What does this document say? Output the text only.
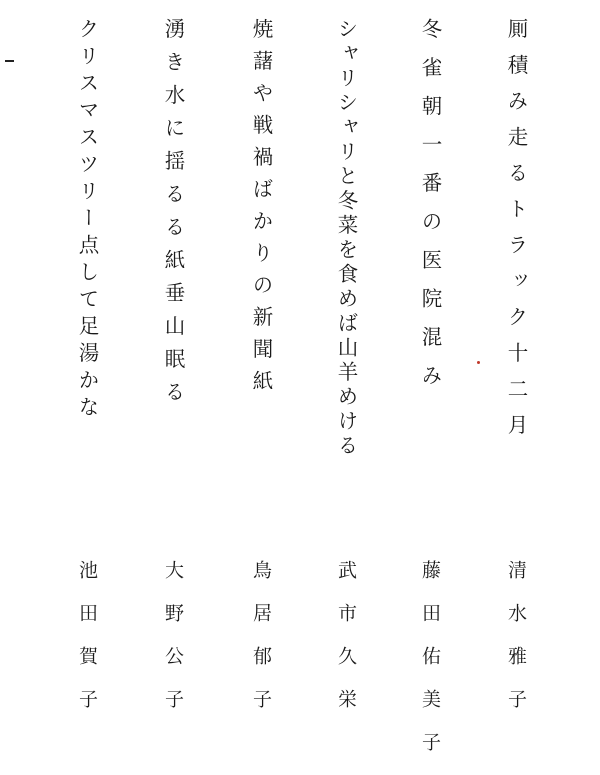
厠積み走るトラック十二月
清水雅子
冬雀朝一番の医院混み
藤田佑美子
シャリシャリと冬菜を食めば山羊めける
武市久栄
焼藷や戦禍ばかりの新聞紙
鳥居郁子
湧き水に揺るる紙垂山眠る
大野公子
クリスマスツリー点して足湯かな
池田賀子
